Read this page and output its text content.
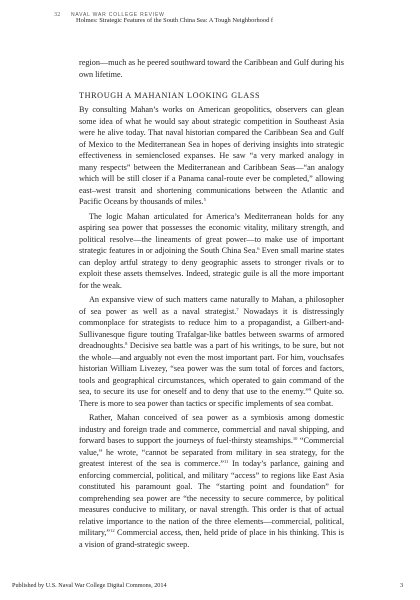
32 NAVAL WAR COLLEGE REVIEW
Holmes: Strategic Features of the South China Sea: A Tough Neighborhood f

region—much as he peered southward toward the Caribbean and Gulf during his own lifetime.

THROUGH A MAHANIAN LOOKING GLASS

By consulting Mahan’s works on American geopolitics, observers can glean some idea of what he would say about strategic competition in Southeast Asia were he alive today. That naval historian compared the Caribbean Sea and Gulf of Mexico to the Mediterranean Sea in hopes of deriving insights into strategic effectiveness in semienclosed expanses. He saw “a very marked analogy in many respects” between the Mediterranean and Caribbean Seas—“an analogy which will be still closer if a Panama canal-route ever be completed,” allowing east–west transit and shortening communications between the Atlantic and Pacific Oceans by thousands of miles.$^5$

The logic Mahan articulated for America’s Mediterranean holds for any aspiring sea power that possesses the economic vitality, military strength, and political resolve—the lineaments of great power—to make use of important strategic features in or adjoining the South China Sea.$^6$ Even small marine states can deploy artful strategy to deny geographic assets to stronger rivals or to exploit these assets themselves. Indeed, strategic guile is all the more important for the weak.

An expansive view of such matters came naturally to Mahan, a philosopher of sea power as well as a naval strategist.$^7$ Nowadays it is distressingly commonplace for strategists to reduce him to a propagandist, a Gilbert-and-Sullivanesque figure touting Trafalgar-like battles between swarms of armored dreadnoughts.$^8$ Decisive sea battle was a part of his writings, to be sure, but not the whole—and arguably not even the most important part. For him, vouchsafes historian William Livezey, “sea power was the sum total of forces and factors, tools and geographical circumstances, which operated to gain command of the sea, to secure its use for oneself and to deny that use to the enemy.”$^9$ Quite so. There is more to sea power than tactics or specific implements of sea combat.

Rather, Mahan conceived of sea power as a symbiosis among domestic industry and foreign trade and commerce, commercial and naval shipping, and forward bases to support the journeys of fuel-thirsty steamships.$^{10}$ “Commercial value,” he wrote, “cannot be separated from military in sea strategy, for the greatest interest of the sea is commerce.”$^{11}$ In today’s parlance, gaining and enforcing commercial, political, and military “access” to regions like East Asia constituted his paramount goal. The “starting point and foundation” for comprehending sea power are “the necessity to secure commerce, by political measures conducive to military, or naval strength. This order is that of actual relative importance to the nation of the three elements—commercial, political, military,”$^{12}$ Commercial access, then, held pride of place in his thinking. This is a vision of grand-strategic sweep.

Published by U.S. Naval War College Digital Commons, 2014	3
